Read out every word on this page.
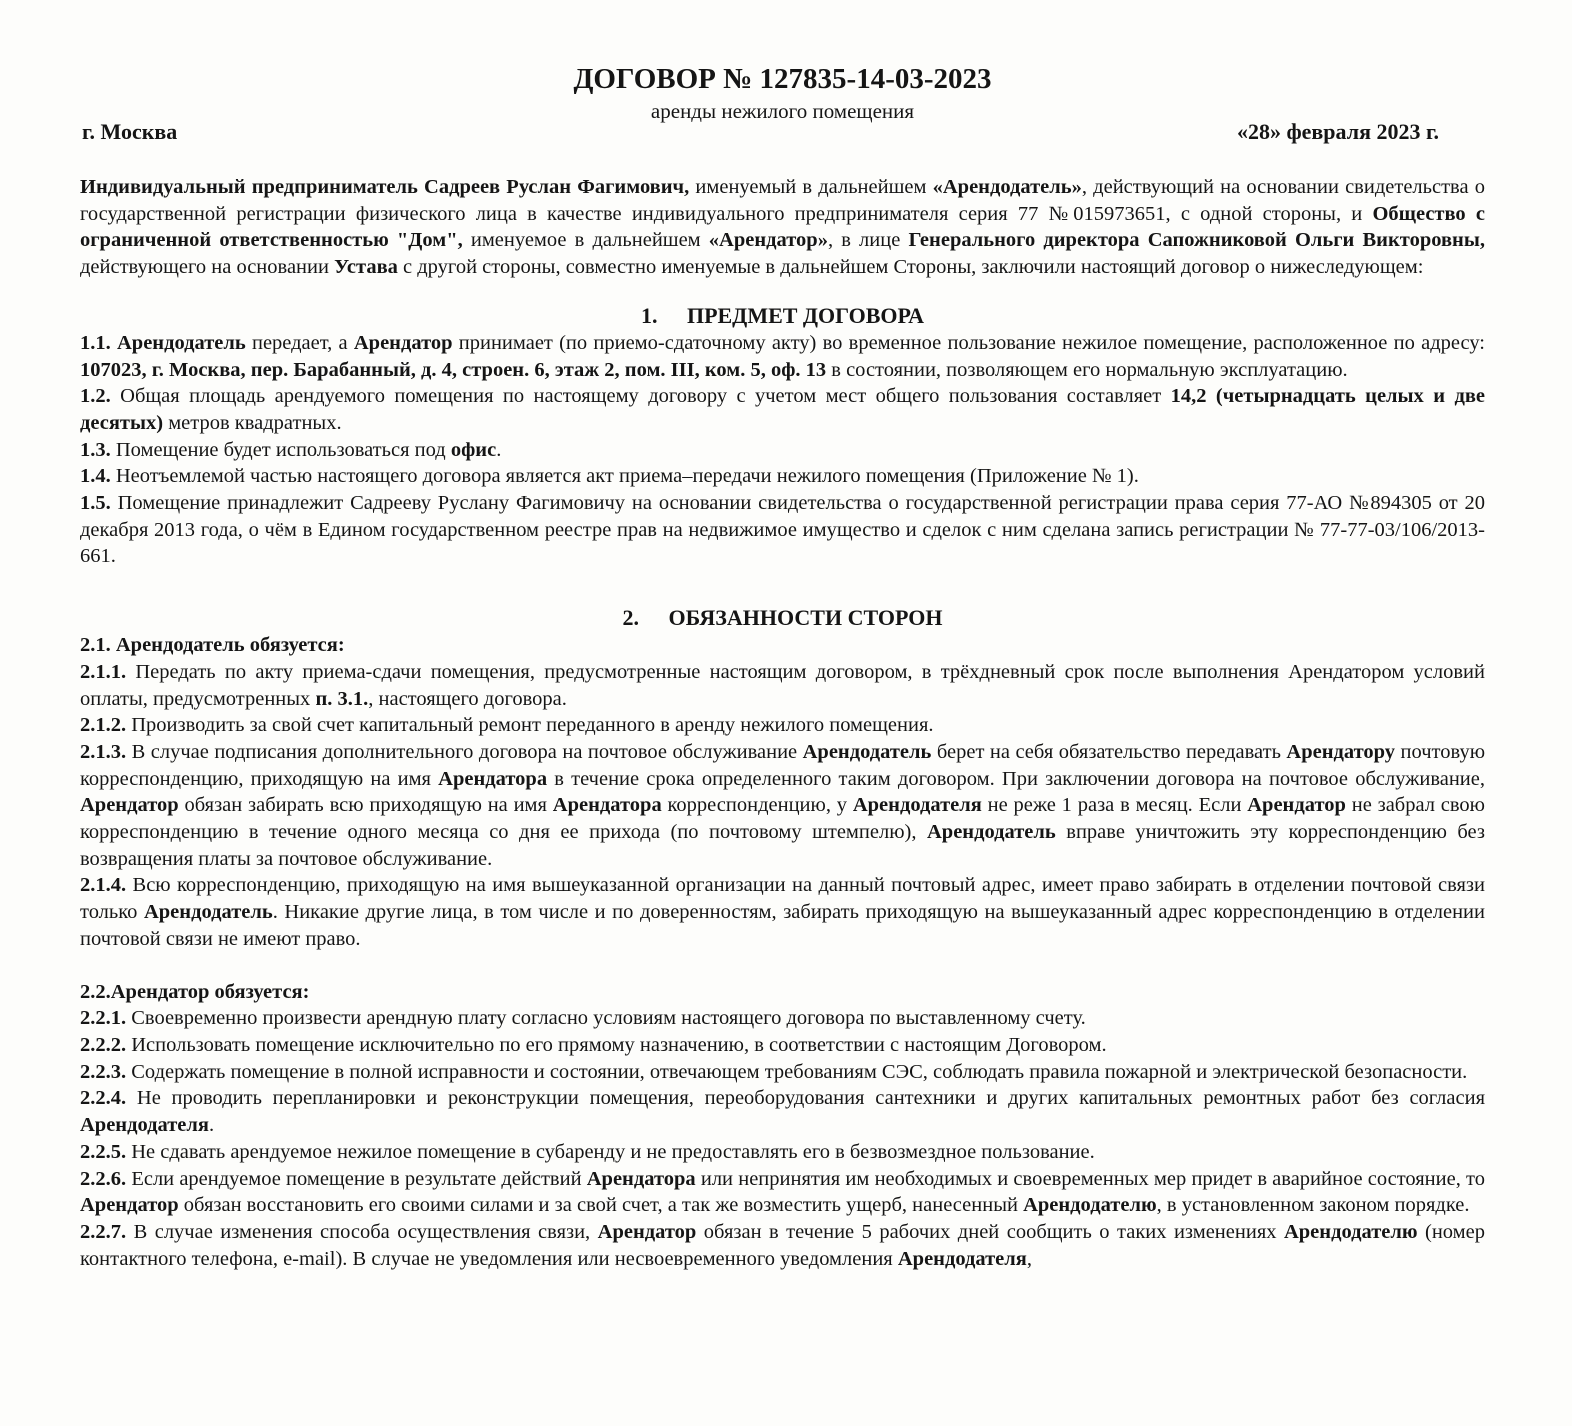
ДОГОВОР № 127835-14-03-2023
аренды нежилого помещения
г. Москва	«28» февраля 2023 г.

Индивидуальный предприниматель Садреев Руслан Фагимович, именуемый в дальнейшем «Арендодатель», действующий на основании свидетельства о государственной регистрации физического лица в качестве индивидуального предпринимателя серия 77 №015973651, с одной стороны, и Общество с ограниченной ответственностью "Дом", именуемое в дальнейшем «Арендатор», в лице Генерального директора Сапожниковой Ольги Викторовны, действующего на основании Устава с другой стороны, совместно именуемые в дальнейшем Стороны, заключили настоящий договор о нижеследующем:

1. ПРЕДМЕТ ДОГОВОРА

1.1. Арендодатель передает, а Арендатор принимает (по приемо-сдаточному акту) во временное пользование нежилое помещение, расположенное по адресу: 107023, г. Москва, пер. Барабанный, д. 4, строен. 6, этаж 2, пом. III, ком. 5, оф. 13 в состоянии, позволяющем его нормальную эксплуатацию.

1.2. Общая площадь арендуемого помещения по настоящему договору с учетом мест общего пользования составляет 14,2 (четырнадцать целых и две десятых) метров квадратных.

1.3. Помещение будет использоваться под офис.

1.4. Неотъемлемой частью настоящего договора является акт приема–передачи нежилого помещения (Приложение № 1).

1.5. Помещение принадлежит Садрееву Руслану Фагимовичу на основании свидетельства о государственной регистрации права серия 77-АО №894305 от 20 декабря 2013 года, о чём в Едином государственном реестре прав на недвижимое имущество и сделок с ним сделана запись регистрации № 77-77-03/106/2013-661.

2. ОБЯЗАННОСТИ СТОРОН

2.1. Арендодатель обязуется:

2.1.1. Передать по акту приема-сдачи помещения, предусмотренные настоящим договором, в трёхдневный срок после выполнения Арендатором условий оплаты, предусмотренных п. 3.1., настоящего договора.

2.1.2. Производить за свой счет капитальный ремонт переданного в аренду нежилого помещения.

2.1.3. В случае подписания дополнительного договора на почтовое обслуживание Арендодатель берет на себя обязательство передавать Арендатору почтовую корреспонденцию, приходящую на имя Арендатора в течение срока определенного таким договором. При заключении договора на почтовое обслуживание, Арендатор обязан забирать всю приходящую на имя Арендатора корреспонденцию, у Арендодателя не реже 1 раза в месяц. Если Арендатор не забрал свою корреспонденцию в течение одного месяца со дня ее прихода (по почтовому штемпелю), Арендодатель вправе уничтожить эту корреспонденцию без возвращения платы за почтовое обслуживание.

2.1.4. Всю корреспонденцию, приходящую на имя вышеуказанной организации на данный почтовый адрес, имеет право забирать в отделении почтовой связи только Арендодатель. Никакие другие лица, в том числе и по доверенностям, забирать приходящую на вышеуказанный адрес корреспонденцию в отделении почтовой связи не имеют право.

2.2.Арендатор обязуется:

2.2.1. Своевременно произвести арендную плату согласно условиям настоящего договора по выставленному счету.

2.2.2. Использовать помещение исключительно по его прямому назначению, в соответствии с настоящим Договором.

2.2.3. Содержать помещение в полной исправности и состоянии, отвечающем требованиям СЭС, соблюдать правила пожарной и электрической безопасности.

2.2.4. Не проводить перепланировки и реконструкции помещения, переоборудования сантехники и других капитальных ремонтных работ без согласия Арендодателя.

2.2.5. Не сдавать арендуемое нежилое помещение в субаренду и не предоставлять его в безвозмездное пользование.

2.2.6. Если арендуемое помещение в результате действий Арендатора или непринятия им необходимых и своевременных мер придет в аварийное состояние, то Арендатор обязан восстановить его своими силами и за свой счет, а так же возместить ущерб, нанесенный Арендодателю, в установленном законом порядке.

2.2.7. В случае изменения способа осуществления связи, Арендатор обязан в течение 5 рабочих дней сообщить о таких изменениях Арендодателю (номер контактного телефона, e-mail). В случае не уведомления или несвоевременного уведомления Арендодателя,
